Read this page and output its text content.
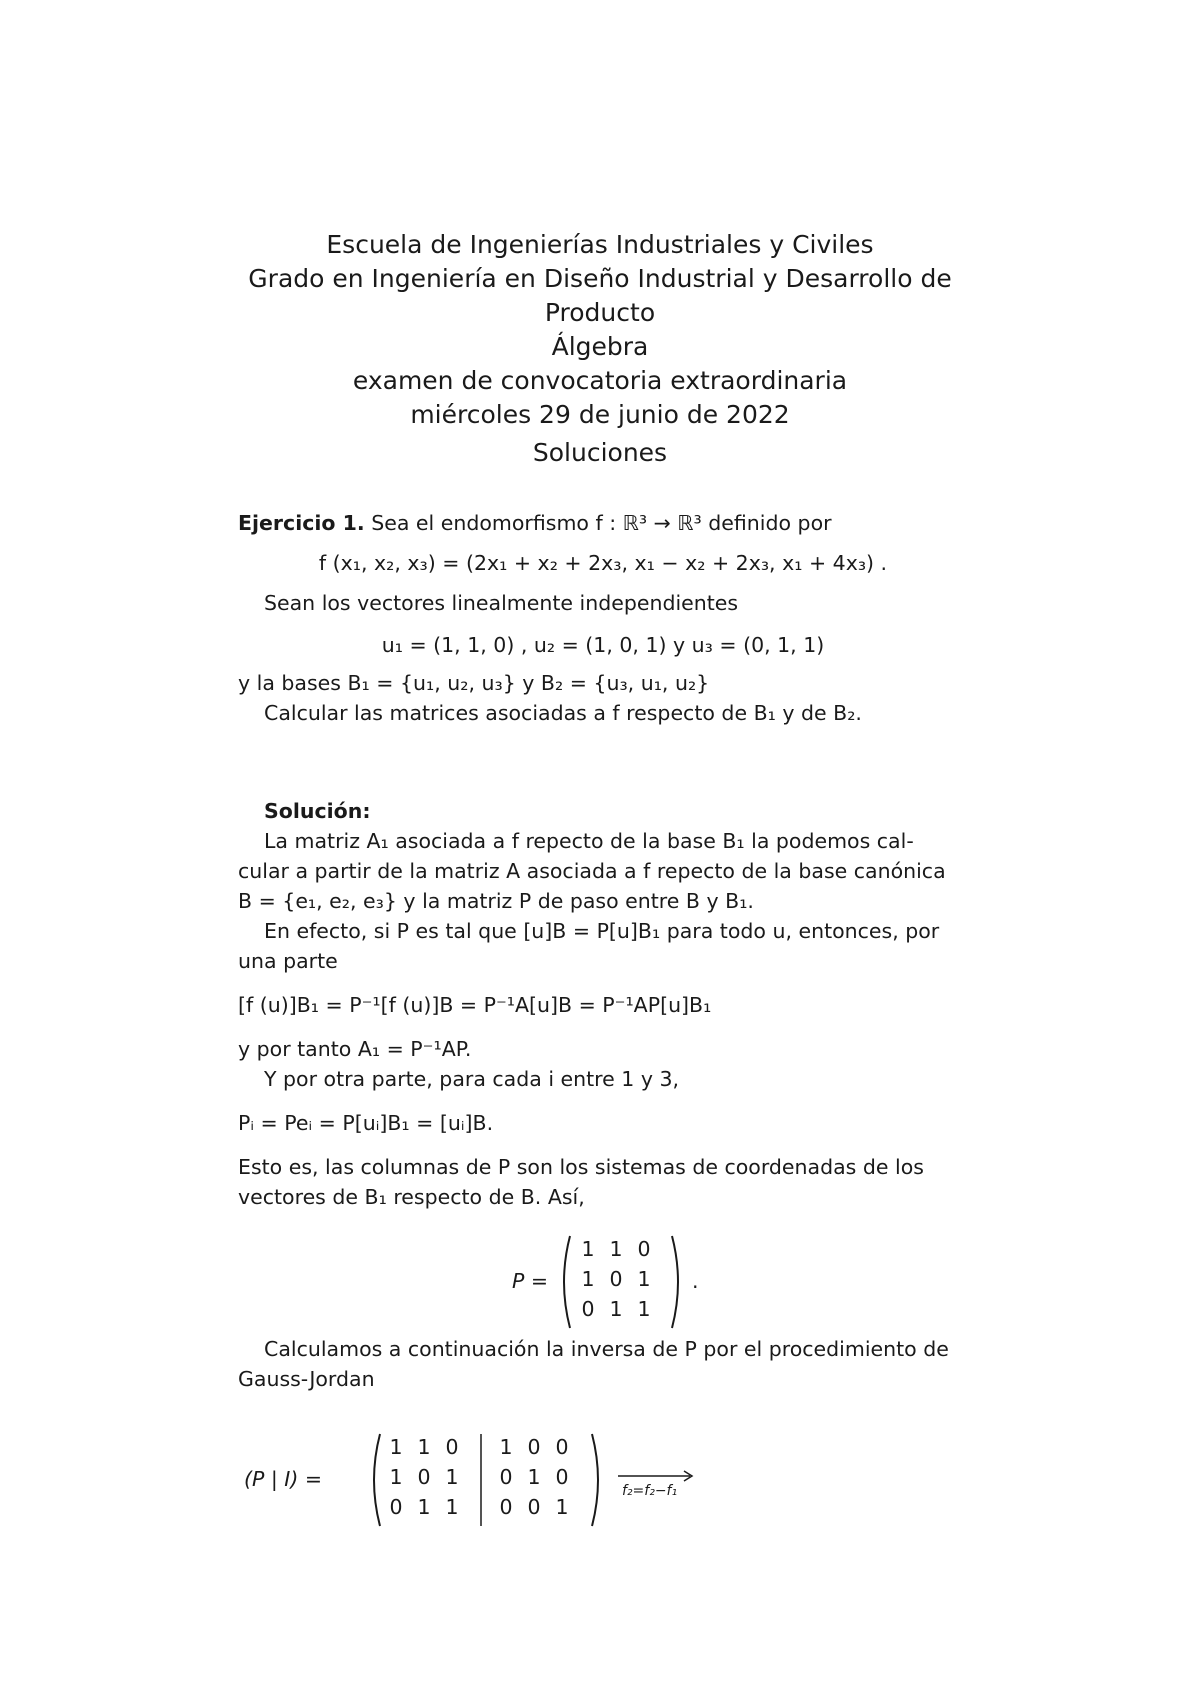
Escuela de Ingenierías Industriales y Civiles
Grado en Ingeniería en Diseño Industrial y Desarrollo de
Producto
Álgebra
examen de convocatoria extraordinaria
miércoles 29 de junio de 2022
Soluciones
Ejercicio 1. Sea el endomorfismo f : ℝ³ → ℝ³ definido por
f (x₁, x₂, x₃) = (2x₁ + x₂ + 2x₃, x₁ − x₂ + 2x₃, x₁ + 4x₃) .
Sean los vectores linealmente independientes
u₁ = (1, 1, 0) , u₂ = (1, 0, 1) y u₃ = (0, 1, 1)
y la bases B₁ = {u₁, u₂, u₃} y B₂ = {u₃, u₁, u₂}
Calcular las matrices asociadas a f respecto de B₁ y de B₂.
Solución:
La matriz A₁ asociada a f repecto de la base B₁ la podemos cal-
cular a partir de la matriz A asociada a f repecto de la base canónica
B = {e₁, e₂, e₃} y la matriz P de paso entre B y B₁.
En efecto, si P es tal que [u]B = P[u]B₁ para todo u, entonces, por
una parte
[f (u)]B₁ = P⁻¹[f (u)]B = P⁻¹A[u]B = P⁻¹AP[u]B₁
y por tanto A₁ = P⁻¹AP.
Y por otra parte, para cada i entre 1 y 3,
Pᵢ = Peᵢ = P[uᵢ]B₁ = [uᵢ]B.
Esto es, las columnas de P son los sistemas de coordenadas de los
vectores de B₁ respecto de B. Así,
P =
1 1 0
1 0 1
0 1 1
.
Calculamos a continuación la inversa de P por el procedimiento de
Gauss-Jordan
(P | I) =
1 1 0
1 0 1
0 1 1
1 0 0
0 1 0
0 0 1
f₂=f₂−f₁
